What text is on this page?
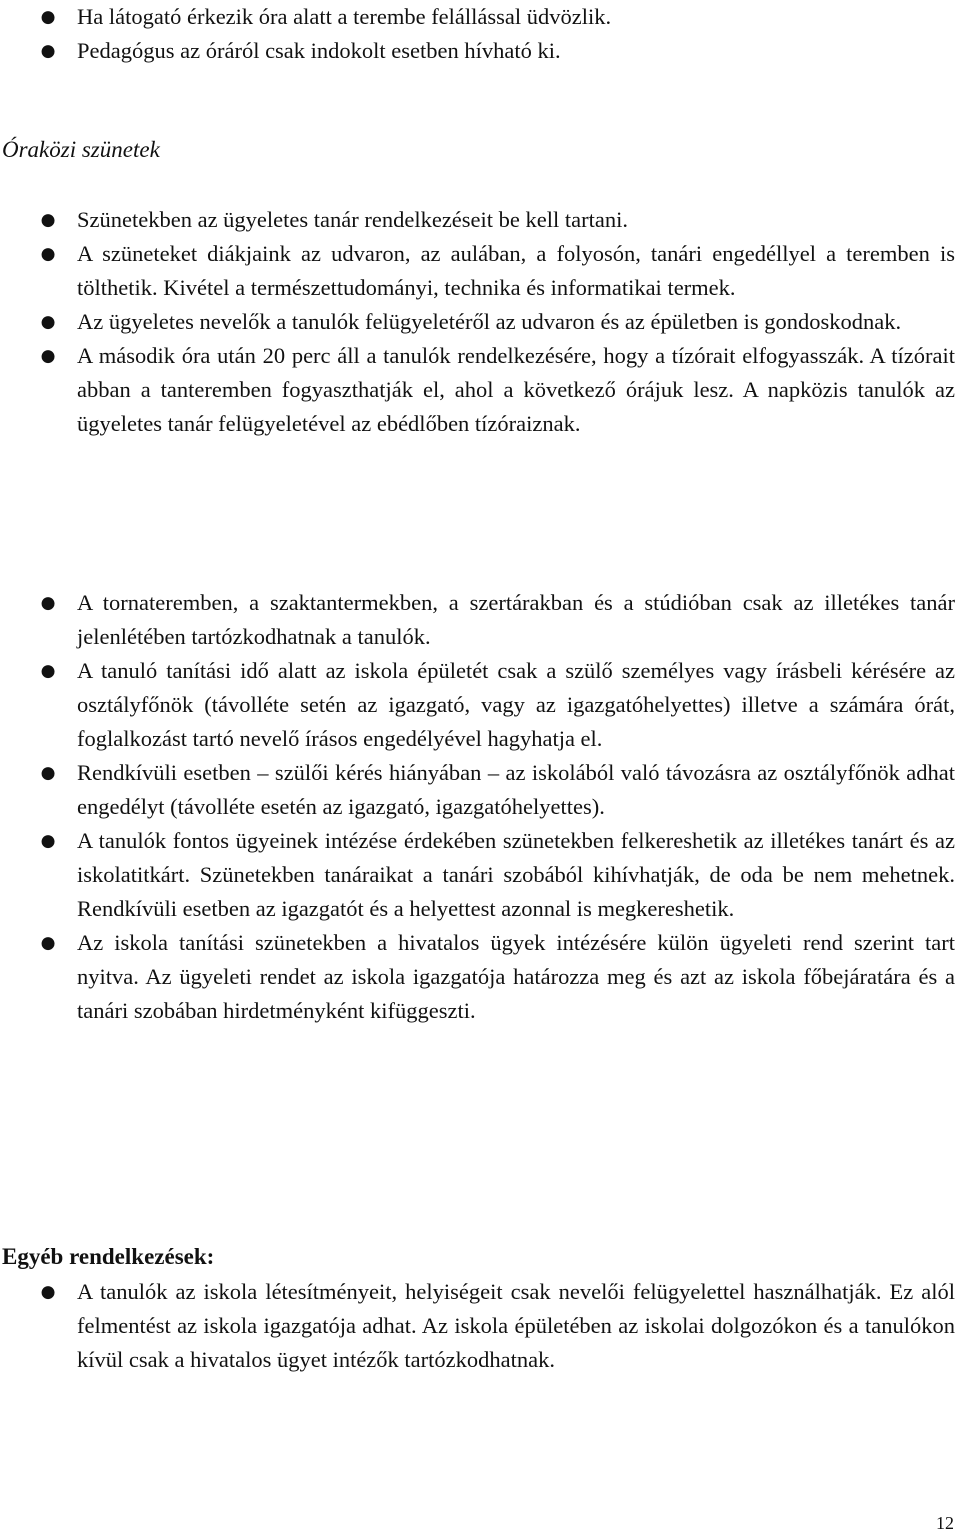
● Ha látogató érkezik óra alatt a terembe felállással üdvözlik.
● Pedagógus az óráról csak indokolt esetben hívható ki.
Óraközi szünetek
● Szünetekben az ügyeletes tanár rendelkezéseit be kell tartani.
● A szüneteket diákjaink az udvaron, az aulában, a folyosón, tanári engedéllyel a teremben is tölthetik. Kivétel a természettudományi, technika és informatikai termek.
● Az ügyeletes nevelők a tanulók felügyeletéről az udvaron és az épületben is gondoskodnak.
● A második óra után 20 perc áll a tanulók rendelkezésére, hogy a tízórait elfogyasszák. A tízórait abban a tanteremben fogyaszthatják el, ahol a következő órájuk lesz. A napközis tanulók az ügyeletes tanár felügyeletével az ebédlőben tízóraiznak.
● A tornateremben, a szaktantermekben, a szertárakban és a stúdióban csak az illetékes tanár jelenlétében tartózkodhatnak a tanulók.
● A tanuló tanítási idő alatt az iskola épületét csak a szülő személyes vagy írásbeli kérésére az osztályfőnök (távolléte setén az igazgató, vagy az igazgatóhelyettes) illetve a számára órát, foglalkozást tartó nevelő írásos engedélyével hagyhatja el.
● Rendkívüli esetben – szülői kérés hiányában – az iskolából való távozásra az osztályfőnök adhat engedélyt (távolléte esetén az igazgató, igazgatóhelyettes).
● A tanulók fontos ügyeinek intézése érdekében szünetekben felkereshetik az illetékes tanárt és az iskolatitkárt. Szünetekben tanáraikat a tanári szobából kihívhatják, de oda be nem mehetnek. Rendkívüli esetben az igazgatót és a helyettest azonnal is megkereshetik.
● Az iskola tanítási szünetekben a hivatalos ügyek intézésére külön ügyeleti rend szerint tart nyitva. Az ügyeleti rendet az iskola igazgatója határozza meg és azt az iskola főbejáratára és a tanári szobában hirdetményként kifüggeszti.
Egyéb rendelkezések:
● A tanulók az iskola létesítményeit, helyiségeit csak nevelői felügyelettel használhatják. Ez alól felmentést az iskola igazgatója adhat. Az iskola épületében az iskolai dolgozókon és a tanulókon kívül csak a hivatalos ügyet intézők tartózkodhatnak.
12
